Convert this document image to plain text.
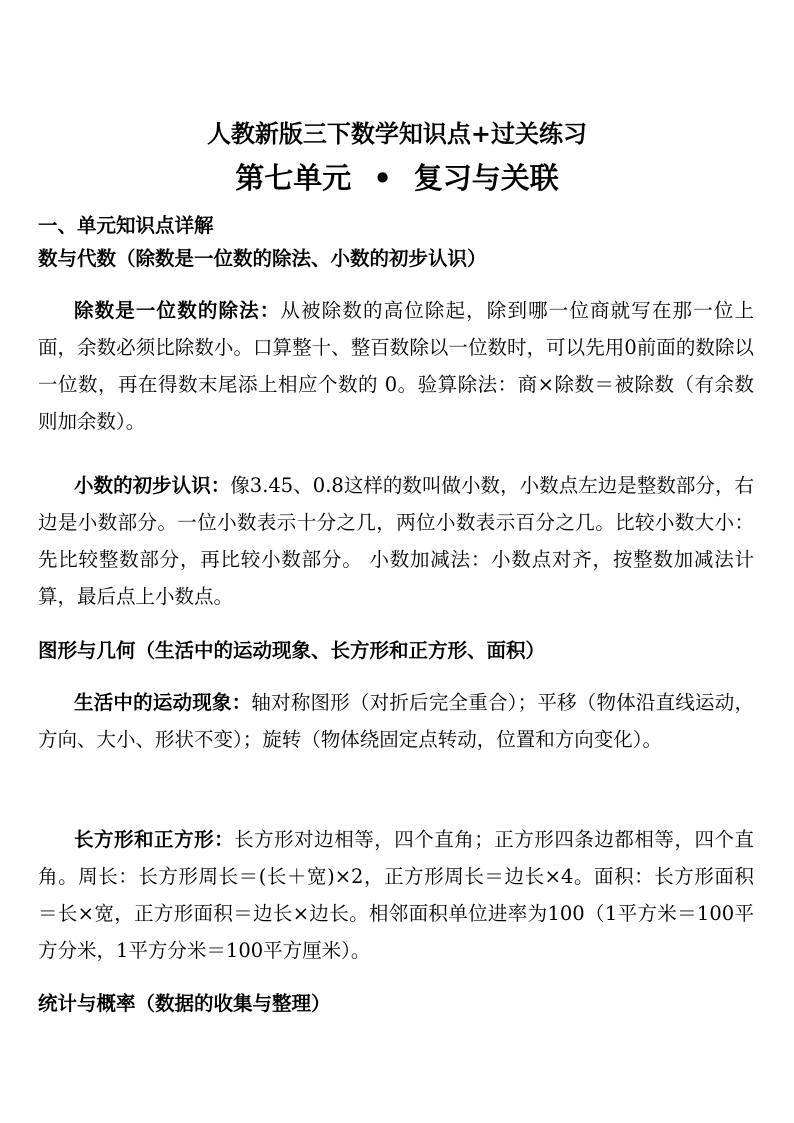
人教新版三下数学知识点+过关练习
第七单元 • 复习与关联
一、单元知识点详解
数与代数（除数是一位数的除法、小数的初步认识）

除数是一位数的除法：从被除数的高位除起，除到哪一位商就写在那一位上面，余数必须比除数小。口算整十、整百数除以一位数时，可以先用0前面的数除以一位数，再在得数末尾添上相应个数的 0。验算除法：商×除数＝被除数（有余数则加余数）。

小数的初步认识：像3.45、0.8这样的数叫做小数，小数点左边是整数部分，右边是小数部分。一位小数表示十分之几，两位小数表示百分之几。比较小数大小：先比较整数部分，再比较小数部分。 小数加减法：小数点对齐，按整数加减法计算，最后点上小数点。

图形与几何（生活中的运动现象、长方形和正方形、面积）

生活中的运动现象：轴对称图形（对折后完全重合）；平移（物体沿直线运动，方向、大小、形状不变）；旋转（物体绕固定点转动，位置和方向变化）。

长方形和正方形：长方形对边相等，四个直角；正方形四条边都相等，四个直角。周长：长方形周长＝(长＋宽)×2，正方形周长＝边长×4。面积：长方形面积＝长×宽，正方形面积＝边长×边长。相邻面积单位进率为100（1平方米＝100平方分米，1平方分米＝100平方厘米）。

统计与概率（数据的收集与整理）
